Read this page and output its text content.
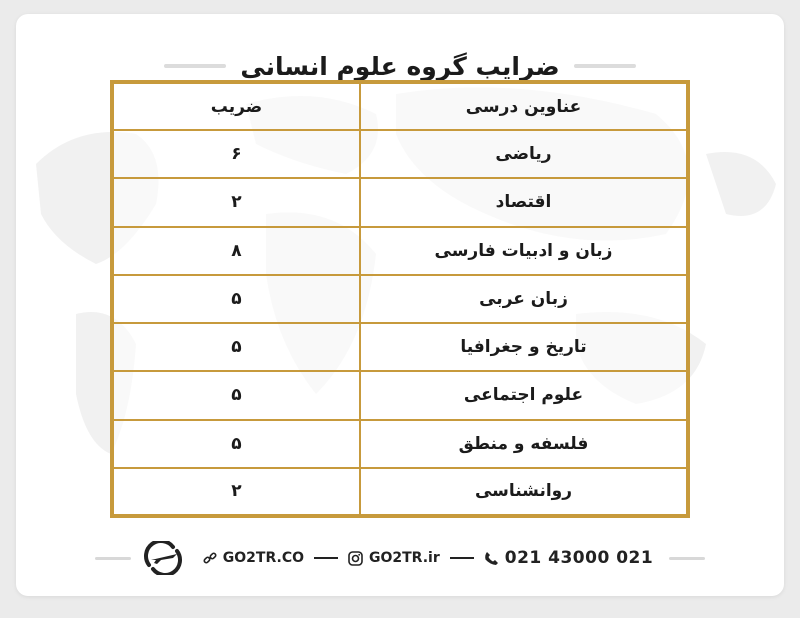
ضرایب گروه علوم انسانی
عناوین درسی	ضریب
ریاضی	۶
اقتصاد	۲
زبان و ادبیات فارسی	۸
زبان عربی	۵
تاریخ و جغرافیا	۵
علوم اجتماعی	۵
فلسفه و منطق	۵
روانشناسی	۲
GO2TR.CO	GO2TR.ir	021 43000 021
